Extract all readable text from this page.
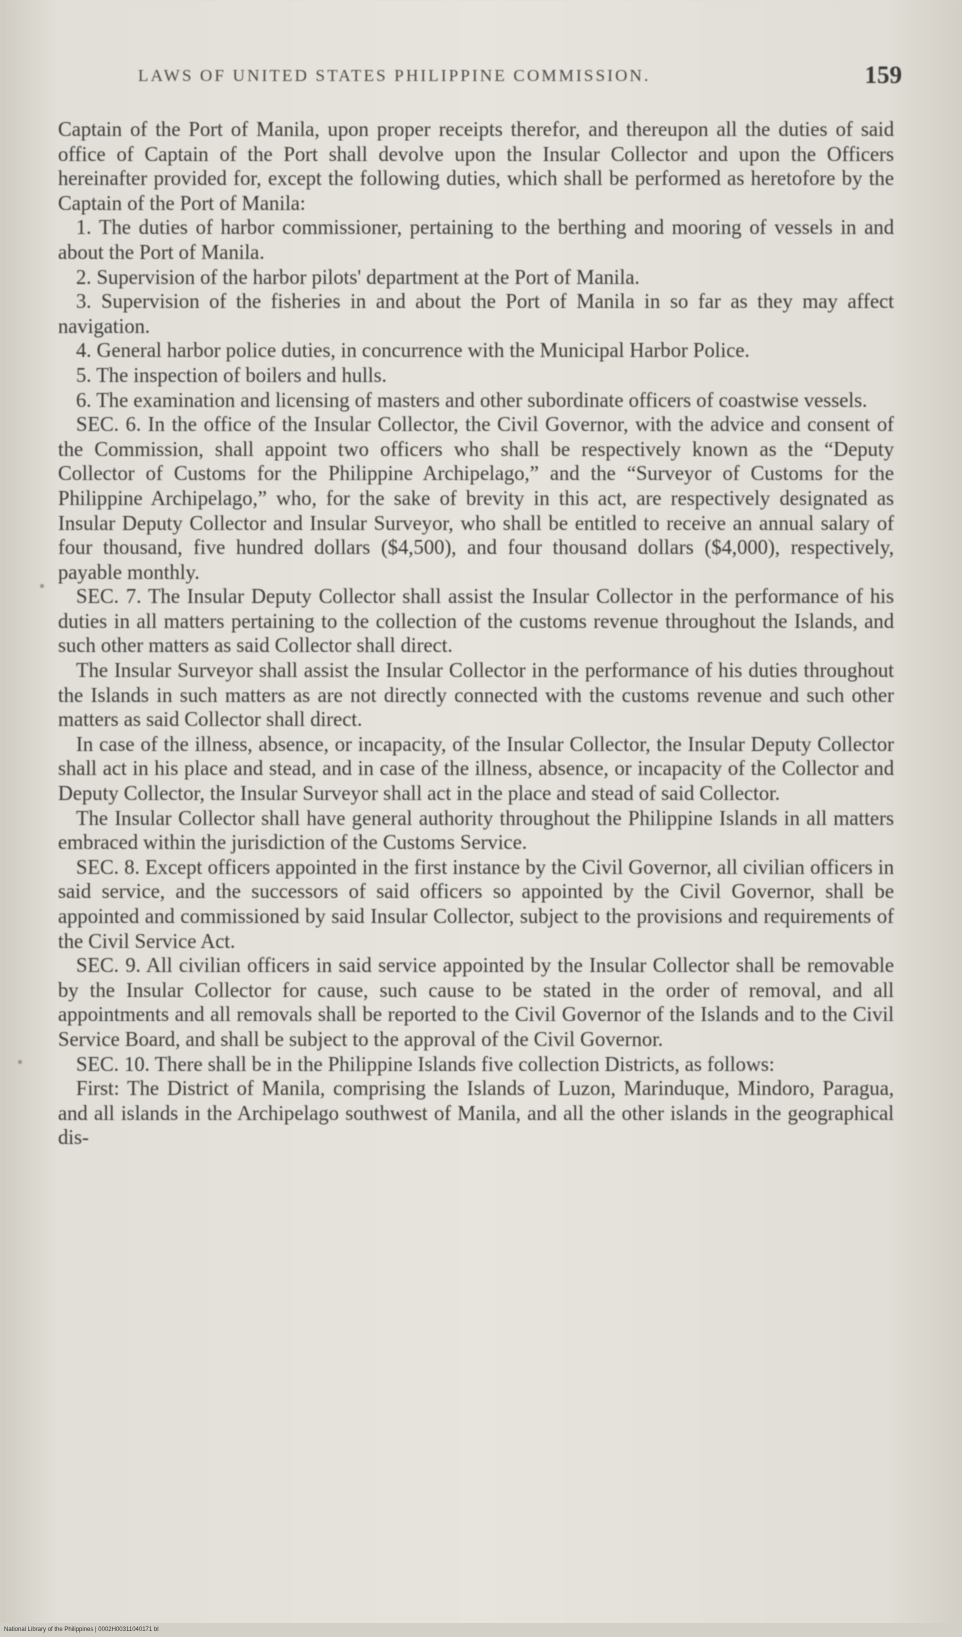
LAWS OF UNITED STATES PHILIPPINE COMMISSION.	159

Captain of the Port of Manila, upon proper receipts therefor, and thereupon all the duties of said office of Captain of the Port shall devolve upon the Insular Collector and upon the Officers hereinafter provided for, except the following duties, which shall be performed as heretofore by the Captain of the Port of Manila:

1. The duties of harbor commissioner, pertaining to the berthing and mooring of vessels in and about the Port of Manila.

2. Supervision of the harbor pilots' department at the Port of Manila.

3. Supervision of the fisheries in and about the Port of Manila in so far as they may affect navigation.

4. General harbor police duties, in concurrence with the Municipal Harbor Police.

5. The inspection of boilers and hulls.

6. The examination and licensing of masters and other subordinate officers of coastwise vessels.

SEC. 6. In the office of the Insular Collector, the Civil Governor, with the advice and consent of the Commission, shall appoint two officers who shall be respectively known as the “Deputy Collector of Customs for the Philippine Archipelago,” and the “Surveyor of Customs for the Philippine Archipelago,” who, for the sake of brevity in this act, are respectively designated as Insular Deputy Collector and Insular Surveyor, who shall be entitled to receive an annual salary of four thousand, five hundred dollars ($4,500), and four thousand dollars ($4,000), respectively, payable monthly.

SEC. 7. The Insular Deputy Collector shall assist the Insular Collector in the performance of his duties in all matters pertaining to the collection of the customs revenue throughout the Islands, and such other matters as said Collector shall direct.

The Insular Surveyor shall assist the Insular Collector in the performance of his duties throughout the Islands in such matters as are not directly connected with the customs revenue and such other matters as said Collector shall direct.

In case of the illness, absence, or incapacity, of the Insular Collector, the Insular Deputy Collector shall act in his place and stead, and in case of the illness, absence, or incapacity of the Collector and Deputy Collector, the Insular Surveyor shall act in the place and stead of said Collector.

The Insular Collector shall have general authority throughout the Philippine Islands in all matters embraced within the jurisdiction of the Customs Service.

SEC. 8. Except officers appointed in the first instance by the Civil Governor, all civilian officers in said service, and the successors of said officers so appointed by the Civil Governor, shall be appointed and commissioned by said Insular Collector, subject to the provisions and requirements of the Civil Service Act.

SEC. 9. All civilian officers in said service appointed by the Insular Collector shall be removable by the Insular Collector for cause, such cause to be stated in the order of removal, and all appointments and all removals shall be reported to the Civil Governor of the Islands and to the Civil Service Board, and shall be subject to the approval of the Civil Governor.

SEC. 10. There shall be in the Philippine Islands five collection Districts, as follows:

First: The District of Manila, comprising the Islands of Luzon, Marinduque, Mindoro, Paragua, and all islands in the Archipelago southwest of Manila, and all the other islands in the geographical dis-

National Library of the Philippines | 0002H00311040171 bl
